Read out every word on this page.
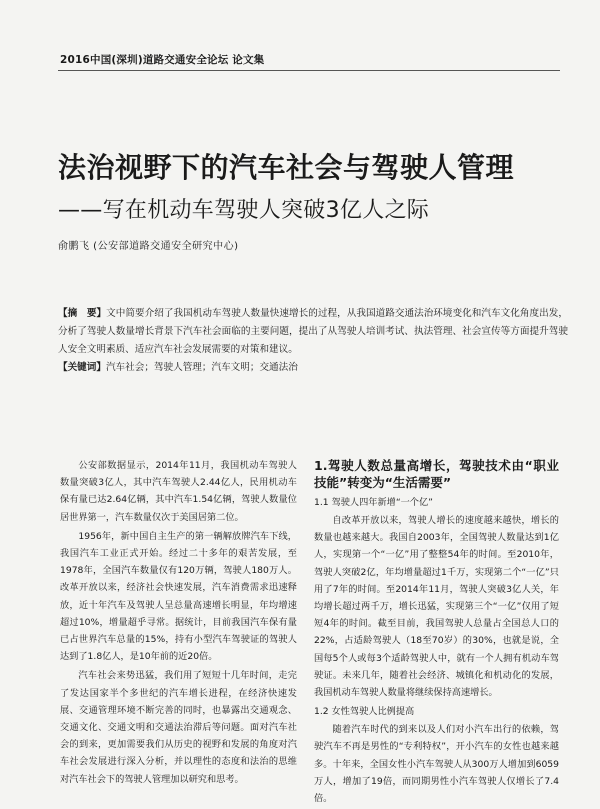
2016中国(深圳)道路交通安全论坛 论文集
法治视野下的汽车社会与驾驶人管理
——写在机动车驾驶人突破3亿人之际
俞鹏飞 (公安部道路交通安全研究中心)
【摘　要】文中简要介绍了我国机动车驾驶人数量快速增长的过程，从我国道路交通法治环境变化和汽车文化角度出发，分析了驾驶人数量增长背景下汽车社会面临的主要问题，提出了从驾驶人培训考试、执法管理、社会宣传等方面提升驾驶人安全文明素质、适应汽车社会发展需要的对策和建议。
【关键词】汽车社会；驾驶人管理；汽车文明；交通法治

公安部数据显示，2014年11月，我国机动车驾驶人数量突破3亿人，其中汽车驾驶人2.44亿人，民用机动车保有量已达2.64亿辆，其中汽车1.54亿辆，驾驶人数量位居世界第一，汽车数量仅次于美国居第二位。

1956年，新中国自主生产的第一辆解放牌汽车下线，我国汽车工业正式开始。经过二十多年的艰苦发展，至1978年，全国汽车数量仅有120万辆，驾驶人180万人。改革开放以来，经济社会快速发展，汽车消费需求迅速释放，近十年汽车及驾驶人呈总量高速增长明显，年均增速超过10%，增量超乎寻常。据统计，目前我国汽车保有量已占世界汽车总量的15%，持有小型汽车驾驶证的驾驶人达到了1.8亿人，是10年前的近20倍。

汽车社会来势迅猛，我们用了短短十几年时间，走完了发达国家半个多世纪的汽车增长进程，在经济快速发展、交通管理环境不断完善的同时，也暴露出交通观念、交通文化、交通文明和交通法治滞后等问题。面对汽车社会的到来，更加需要我们从历史的视野和发展的角度对汽车社会发展进行深入分析，并以理性的态度和法治的思维对汽车社会下的驾驶人管理加以研究和思考。

1.驾驶人数总量高增长，驾驶技术由“职业技能”转变为“生活需要”
1.1 驾驶人四年新增“一个亿”

自改革开放以来，驾驶人增长的速度越来越快，增长的数量也越来越大。我国自2003年，全国驾驶人数量达到1亿人，实现第一个“一亿”用了整整54年的时间。至2010年，驾驶人突破2亿，年均增量超过1千万，实现第二个“一亿”只用了7年的时间。至2014年11月，驾驶人突破3亿人关，年均增长超过两千万，增长迅猛，实现第三个“一亿”仅用了短短4年的时间。截至目前，我国驾驶人总量占全国总人口的22%，占适龄驾驶人（18至70岁）的30%，也就是说，全国每5个人或每3个适龄驾驶人中，就有一个人拥有机动车驾驶证。未来几年，随着社会经济、城镇化和机动化的发展，我国机动车驾驶人数量将继续保持高速增长。

1.2 女性驾驶人比例提高

随着汽车时代的到来以及人们对小汽车出行的依赖，驾驶汽车不再是男性的“专利特权”，开小汽车的女性也越来越多。十年来，全国女性小汽车驾驶人从300万人增加到6059万人，增加了19倍，而同期男性小汽车驾驶人仅增长了7.4倍。
